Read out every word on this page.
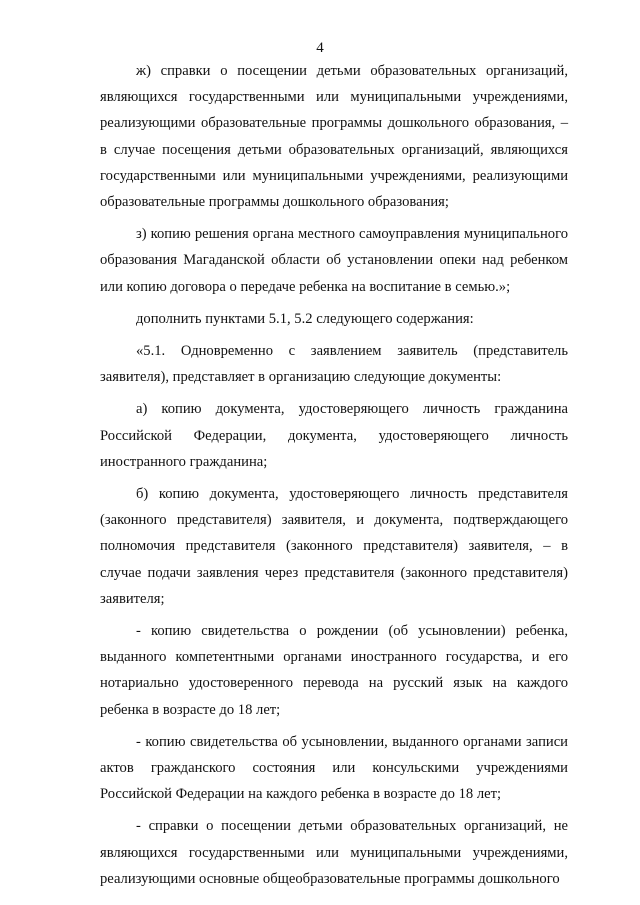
4

ж) справки о посещении детьми образовательных организаций, являющихся государственными или муниципальными учреждениями, реализующими образовательные программы дошкольного образования, – в случае посещения детьми образовательных организаций, являющихся государственными или муниципальными учреждениями, реализующими образовательные программы дошкольного образования;

з) копию решения органа местного самоуправления муниципального образования Магаданской области об установлении опеки над ребенком или копию договора о передаче ребенка на воспитание в семью.»;

дополнить пунктами 5.1, 5.2 следующего содержания:

«5.1. Одновременно с заявлением заявитель (представитель заявителя), представляет в организацию следующие документы:

а) копию документа, удостоверяющего личность гражданина Российской Федерации, документа, удостоверяющего личность иностранного гражданина;

б) копию документа, удостоверяющего личность представителя (законного представителя) заявителя, и документа, подтверждающего полномочия представителя (законного представителя) заявителя, – в случае подачи заявления через представителя (законного представителя) заявителя;

- копию свидетельства о рождении (об усыновлении) ребенка, выданного компетентными органами иностранного государства, и его нотариально удостоверенного перевода на русский язык на каждого ребенка в возрасте до 18 лет;

- копию свидетельства об усыновлении, выданного органами записи актов гражданского состояния или консульскими учреждениями Российской Федерации на каждого ребенка в возрасте до 18 лет;

- справки о посещении детьми образовательных организаций, не являющихся государственными или муниципальными учреждениями, реализующими основные общеобразовательные программы дошкольного
